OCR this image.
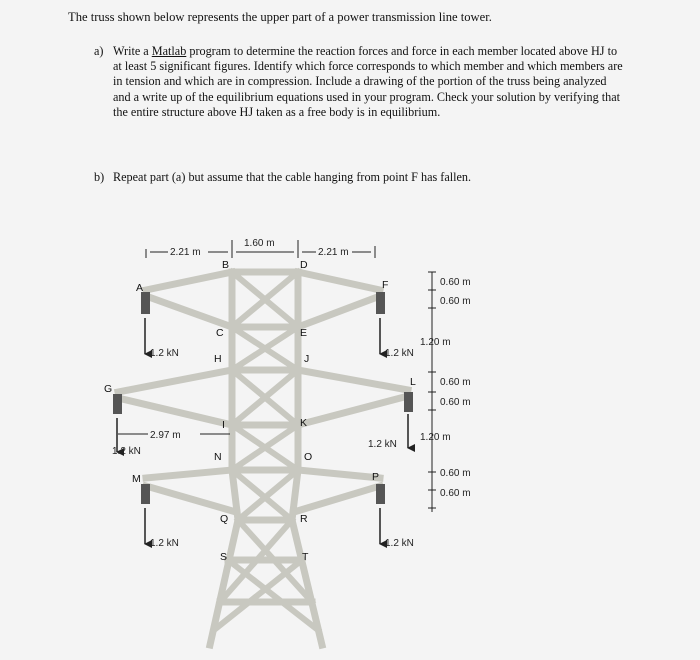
The truss shown below represents the upper part of a power transmission line tower.
a) Write a Matlab program to determine the reaction forces and force in each member located above HJ to at least 5 significant figures. Identify which force corresponds to which member and which members are in tension and which are in compression. Include a drawing of the portion of the truss being analyzed and a write up of the equilibrium equations used in your program. Check your solution by verifying that the entire structure above HJ taken as a free body is in equilibrium.
b) Repeat part (a) but assume that the cable hanging from point F has fallen.
1.2 kN	1.2 kN
1.2 kN
1.2 kN
1.2 kN	1.2 kN
2.21 m
1.60 m
2.21 m
2.97 m
0.60 m
0.60 m
1.20 m
0.60 m
0.60 m
1.20 m
0.60 m
0.60 m
A
B
C
D
E
F
G
H
I
J
K
L
M
N	O
P
Q	R
S	T
